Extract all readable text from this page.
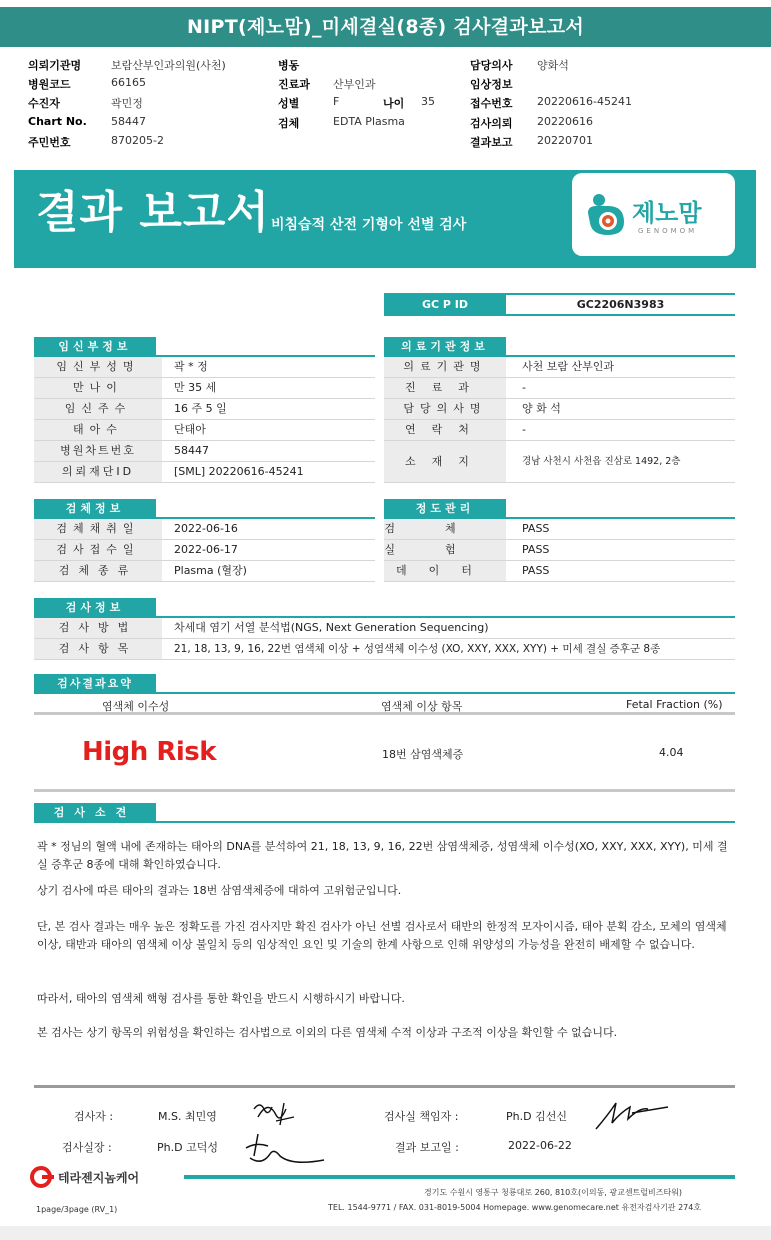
NIPT(제노맘)_미세결실(8종) 검사결과보고서
의뢰기관명	보람산부인과의원(사천)
병원코드	66165
수진자	곽민정
Chart No. 58447
주민번호	870205-2
병동
진료과 산부인과
성별	F	나이 35
검체	EDTA Plasma
담당의사 양화석
임상정보
접수번호 20220616-45241
검사의뢰 20220616
결과보고 20220701
결과 보고서 비침습적 산전 기형아 선별 검사	제노맘
GENOMOM
GC P ID	GC2206N3983
임신부정보
임신부성명	곽 * 정
만나이	만 35 세
임신주수	16 주 5 일
태아수	단태아
병원차트번호	58447
의뢰재단ID	[SML] 20220616-45241
의료기관정보
의료기관명	사천 보람 산부인과
진료과	-
담당의사명	양 화 석
연락처	-
소재지	경남 사천시 사천읍 진삼로 1492, 2층
검체정보
검체채취일	2022-06-16
검사접수일	2022-06-17
검체종류	Plasma (혈장)
정도관리
검체 PASS
실험 PASS
데이터	PASS
검사정보
검사방법	차세대 염기 서열 분석법(NGS, Next Generation Sequencing)
검사항목	21, 18, 13, 9, 16, 22번 염색체 이상 + 성염색체 이수성 (XO, XXY, XXX, XYY) + 미세 결실 증후군 8종
검사결과요약
염색체 이수성	염색체 이상 항목	Fetal Fraction (%)
High Risk	18번 삼염색체증	4.04
검사소견
곽 * 정님의 혈액 내에 존재하는 태아의 DNA를 분석하여 21, 18, 13, 9, 16, 22번 삼염색체증, 성염색체 이수성(XO, XXY, XXX, XYY), 미세 결실 증후군 8종에 대해 확인하였습니다.
상기 검사에 따른 태아의 결과는 18번 삼염색체증에 대하여 고위험군입니다.
단, 본 검사 결과는 매우 높은 정확도를 가진 검사지만 확진 검사가 아닌 선별 검사로서 태반의 한정적 모자이시즘, 태아 분획 감소, 모체의 염색체 이상, 태반과 태아의 염색체 이상 불일치 등의 임상적인 요인 및 기술의 한계 사항으로 인해 위양성의 가능성을 완전히 배제할 수 없습니다.
따라서, 태아의 염색체 핵형 검사를 통한 확인을 반드시 시행하시기 바랍니다.
본 검사는 상기 항목의 위험성을 확인하는 검사법으로 이외의 다른 염색체 수적 이상과 구조적 이상을 확인할 수 없습니다.
검사자 :	M.S. 최민영
검사실장 :	Ph.D 고덕성
검사실 책임자 :	Ph.D 김선신
결과 보고일 :	2022-06-22
테라젠지놈케어
경기도 수원시 영통구 청룡대로 260, 810호(이의동, 광교센트럴비즈타워)
TEL. 1544-9771 / FAX. 031-8019-5004 Homepage. www.genomecare.net 유전자검사기관 274호
1page/3page (RV_1)
